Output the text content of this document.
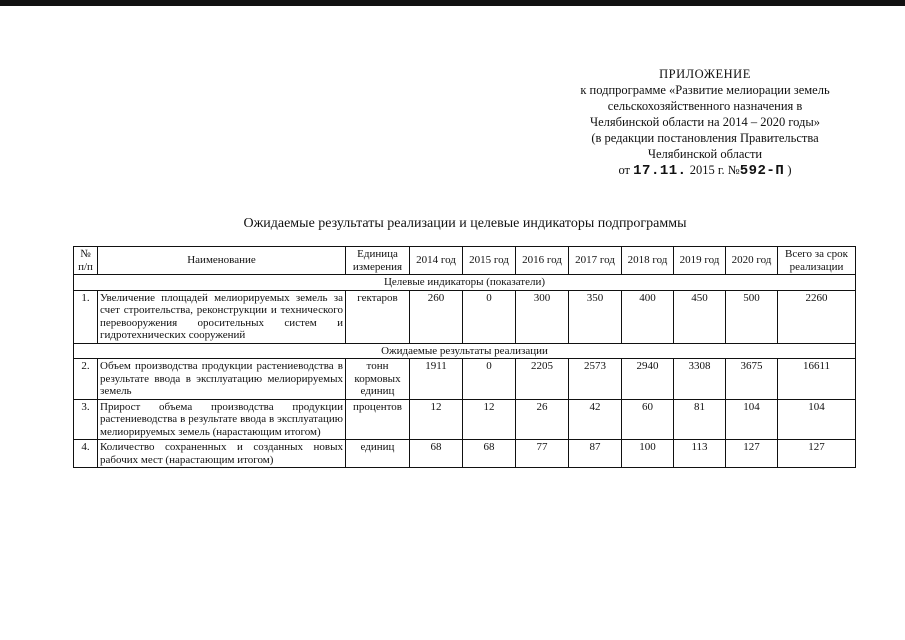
ПРИЛОЖЕНИЕ
к подпрограмме «Развитие мелиорации земель
сельскохозяйственного назначения в
Челябинской области на 2014 – 2020 годы»
(в редакции постановления Правительства
Челябинской области
от 17.11. 2015 г. №592-П )
Ожидаемые результаты реализации и целевые индикаторы подпрограммы
№ п/п	Наименование	Единица измерения	2014 год	2015 год	2016 год	2017 год	2018 год	2019 год	2020 год	Всего за срок реализации
Целевые индикаторы (показатели)										
1.	Увеличение площадей мелиорируемых земель за счет строительства, реконструкции и технического перевооружения оросительных систем и гидротехнических сооружений	гектаров	260	0	300	350	400	450	500	2260
Ожидаемые результаты реализации										
2.	Объем производства продукции растениеводства в результате ввода в эксплуатацию мелиорируемых земель	тонн кормовых единиц	1911	0	2205	2573	2940	3308	3675	16611
3.	Прирост объема производства продукции растениеводства в результате ввода в эксплуатацию мелиорируемых земель (нарастающим итогом)	процентов	12	12	26	42	60	81	104	104
4.	Количество сохраненных и созданных новых рабочих мест (нарастающим итогом)	единиц	68	68	77	87	100	113	127	127
